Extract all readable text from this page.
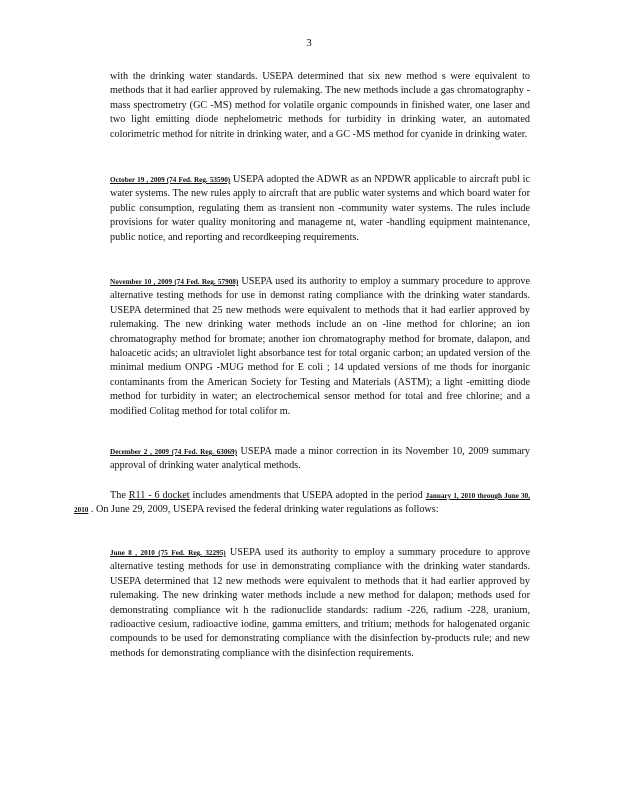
3

with the drinking water standards. USEPA determined that six new method s were equivalent to methods that it had earlier approved by rulemaking. The new methods include a gas chromatography -mass spectrometry (GC -MS) method for volatile organic compounds in finished water, one laser and two light emitting diode nephelometric methods for turbidity in drinking water, an automated colorimetric method for nitrite in drinking water, and a GC -MS method for cyanide in drinking water.

October 19 , 2009 (74 Fed. Reg. 53590) USEPA adopted the ADWR as an NPDWR applicable to aircraft publ ic water systems. The new rules apply to aircraft that are public water systems and which board water for public consumption, regulating them as transient non -community water systems. The rules include provisions for water quality monitoring and manageme nt, water -handling equipment maintenance, public notice, and reporting and recordkeeping requirements.

November 10 , 2009 (74 Fed. Reg. 57908) USEPA used its authority to employ a summary procedure to approve alternative testing methods for use in demonst rating compliance with the drinking water standards. USEPA determined that 25 new methods were equivalent to methods that it had earlier approved by rulemaking. The new drinking water methods include an on -line method for chlorine; an ion chromatography method for bromate; another ion chromatography method for bromate, dalapon, and haloacetic acids; an ultraviolet light absorbance test for total organic carbon; an updated version of the minimal medium ONPG -MUG method for E coli ; 14 updated versions of me thods for inorganic contaminants from the American Society for Testing and Materials (ASTM); a light -emitting diode method for turbidity in water; an electrochemical sensor method for total and free chlorine; and a modified Colitag method for total colifor m.

December 2 , 2009 (74 Fed. Reg. 63069) USEPA made a minor correction in its November 10, 2009 summary approval of drinking water analytical methods.

The R11 - 6 docket includes amendments that USEPA adopted in the period January 1, 2010 through June 30, 2010 . On June 29, 2009, USEPA revised the federal drinking water regulations as follows:

June 8 , 2010 (75 Fed. Reg. 32295) USEPA used its authority to employ a summary procedure to approve alternative testing methods for use in demonstrating compliance with the drinking water standards. USEPA determined that 12 new methods were equivalent to methods that it had earlier approved by rulemaking. The new drinking water methods include a new method for dalapon; methods used for demonstrating compliance wit h the radionuclide standards: radium -226, radium -228, uranium, radioactive cesium, radioactive iodine, gamma emitters, and tritium; methods for halogenated organic compounds to be used for demonstrating compliance with the disinfection by-products rule; and new methods for demonstrating compliance with the disinfection requirements.
